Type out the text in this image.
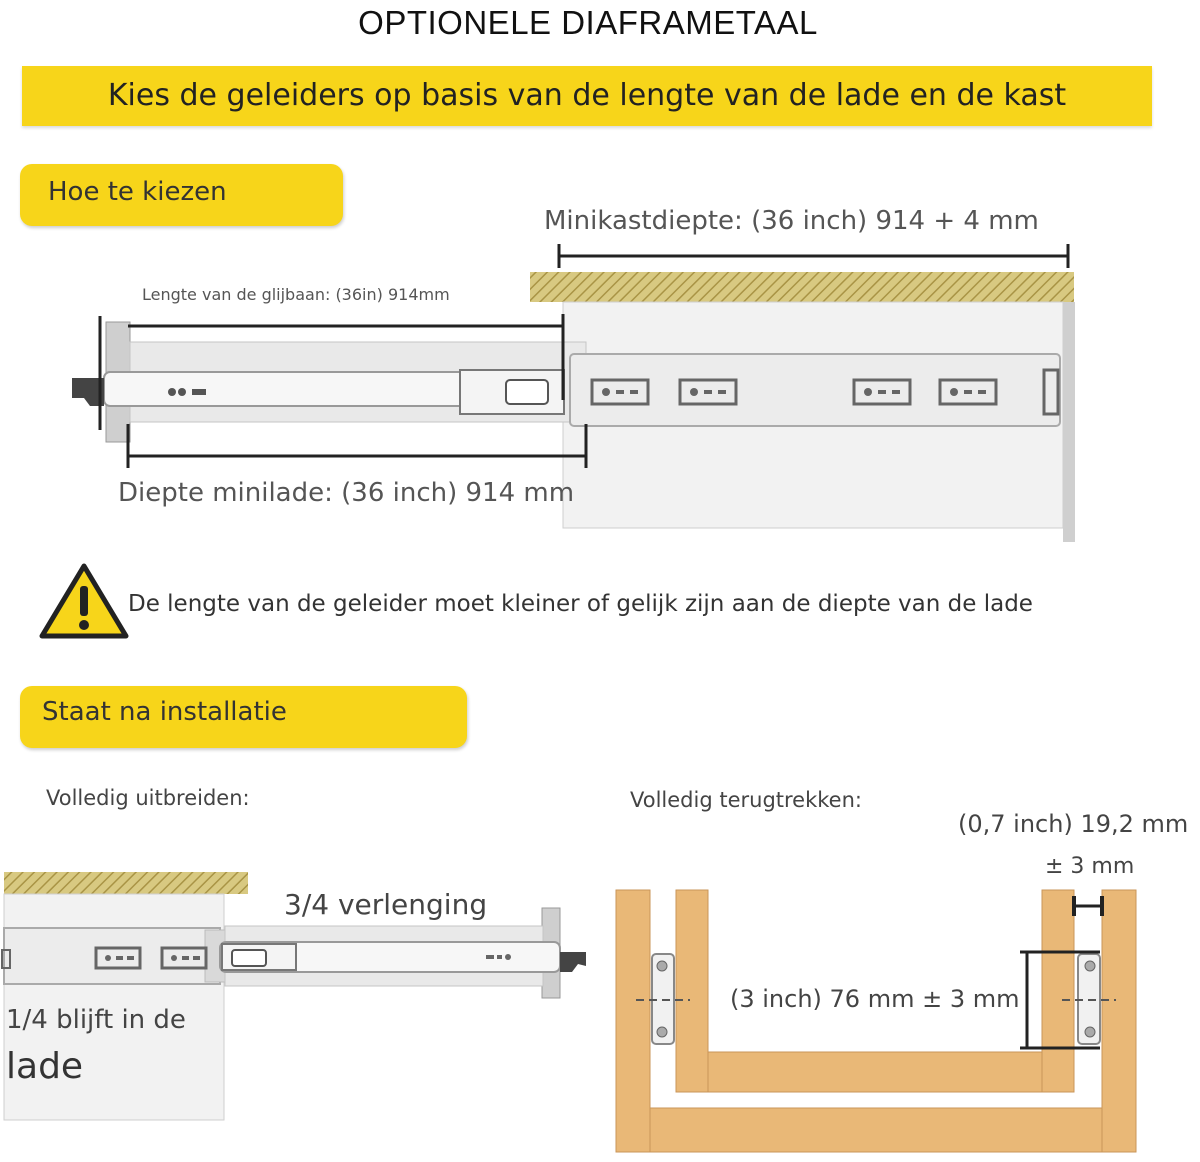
OPTIONELE DIAFRAMETAAL
Kies de geleiders op basis van de lengte van de lade en de kast
Hoe te kiezen
Minikastdiepte: (36 inch) 914 + 4 mm
Lengte van de glijbaan: (36in) 914mm
Diepte minilade: (36 inch) 914 mm
De lengte van de geleider moet kleiner of gelijk zijn aan de diepte van de lade
Staat na installatie
Volledig uitbreiden:	Volledig terugtrekken:
3/4 verlenging
1/4 blijft in de
lade
(0,7 inch) 19,2 mm
± 3 mm
(3 inch) 76 mm ± 3 mm
